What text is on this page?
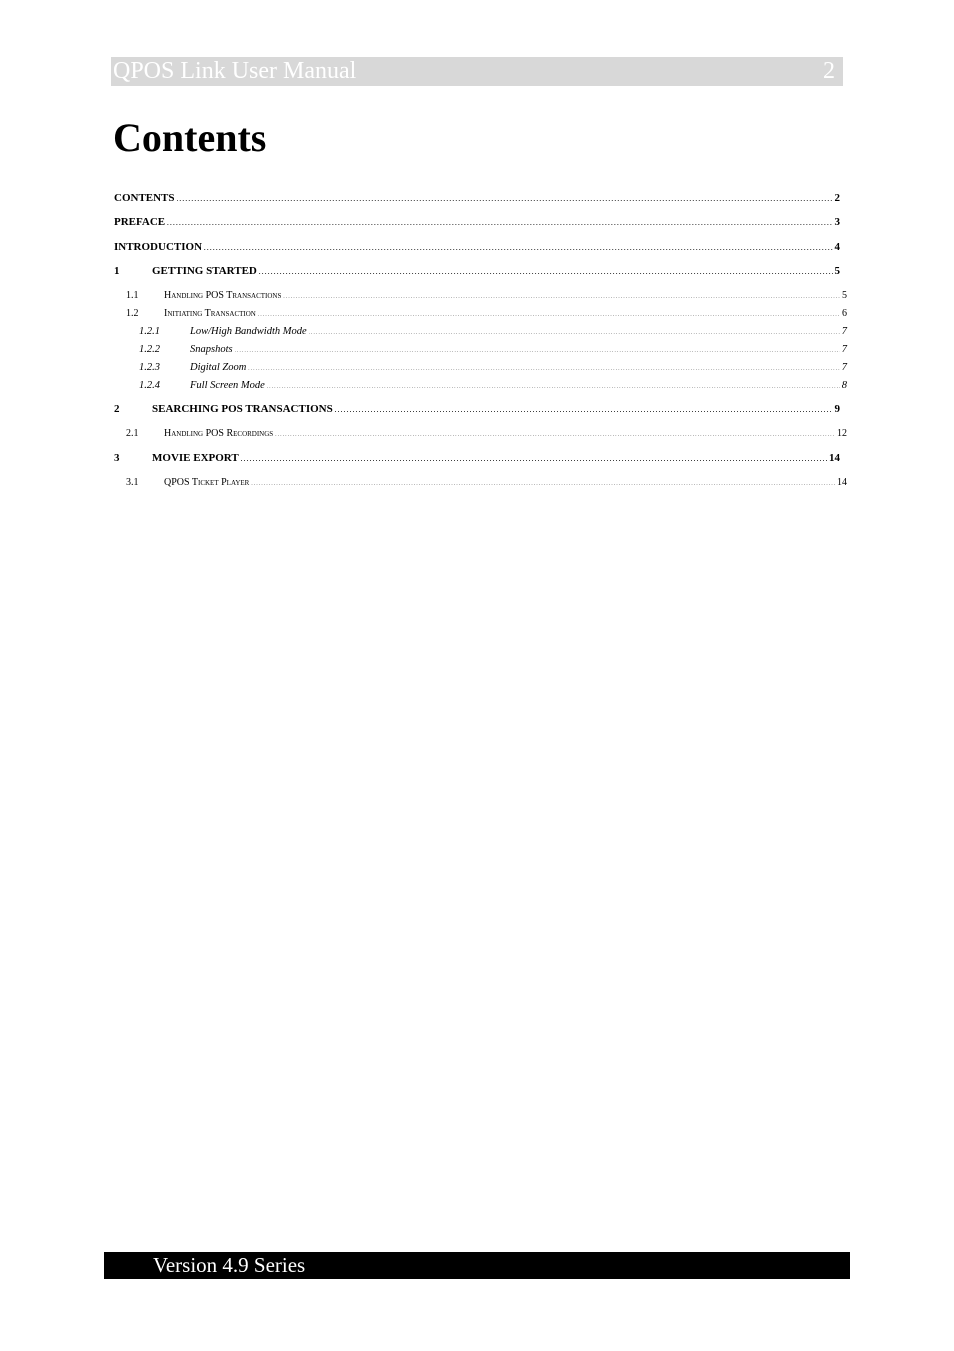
QPOS Link User Manual	2
Contents
CONTENTS . . .	2
PREFACE . . .	3
INTRODUCTION . . .	4
1	GETTING STARTED . . .	5
1.1	Handling POS Transactions . . .	5
1.2	Initiating Transaction . . .	6
1.2.1	Low/High Bandwidth Mode . . .	7
1.2.2	Snapshots . . .	7
1.2.3	Digital Zoom . . .	7
1.2.4	Full Screen Mode . . .	8
2	SEARCHING POS TRANSACTIONS . . .	9
2.1	Handling POS Recordings . . .	12
3	MOVIE EXPORT . . .	14
3.1	QPOS Ticket Player . . .	14
Version 4.9 Series
